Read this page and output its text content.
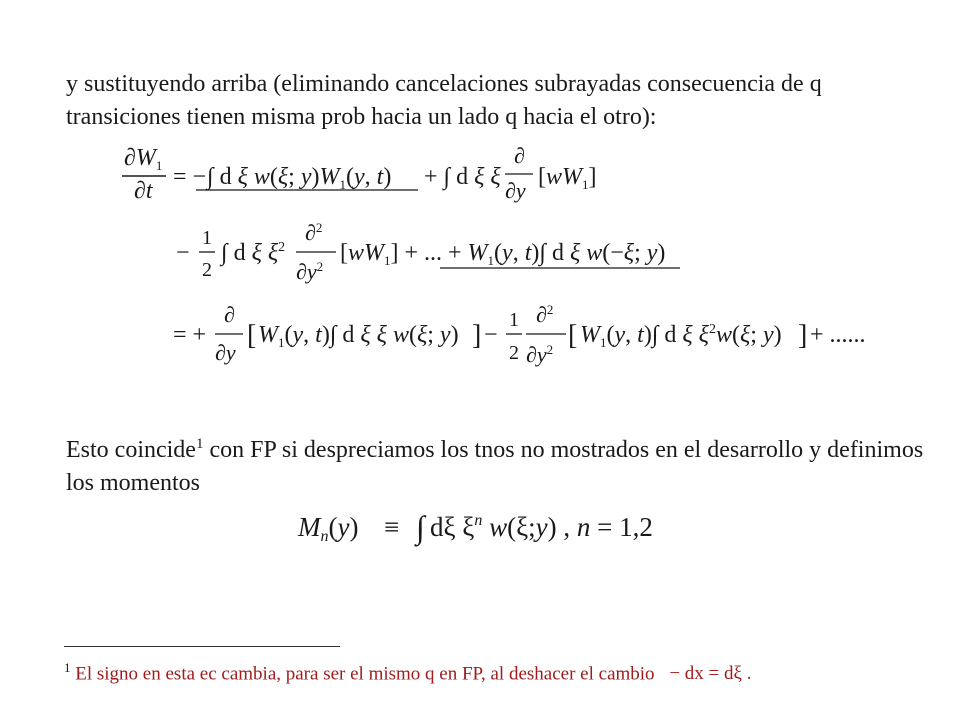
y sustituyendo arriba (eliminando cancelaciones subrayadas consecuencia de q transiciones tienen misma prob hacia un lado q hacia el otro):

$\partial W_1$
∂t
= − ∫ d ξ w(ξ; $y)W_1(y$, t) + ∫ d ξ ξ
∂
∂y
$[wW_1]$
−
1
2
∫ d ξ $\xi^2$
∂$^2$
$\partial y^2$
$[wW_1]$ + ... + $W_1(y$, t)∫ d ξ w(−ξ; y)
= +
∂
∂y
[ $W_1(y$, t)∫ d ξ ξ w(ξ; y) ] −
1
2
∂$^2$
$\partial y^2$ [ $W_1(y$, t)∫ d ξ $\xi^2w(\xi$; y) ] + ......
Mn(y) ≡ ∫ dξ $\xi^n$ w(ξ;y) , n = 1,2

Esto coincide$^1$ con FP si despreciamos los tnos no mostrados en el desarrollo y definimos los momentos

$^1$ El signo en esta ec cambia, para ser el mismo q en FP, al deshacer el cambio − dx = dξ .
